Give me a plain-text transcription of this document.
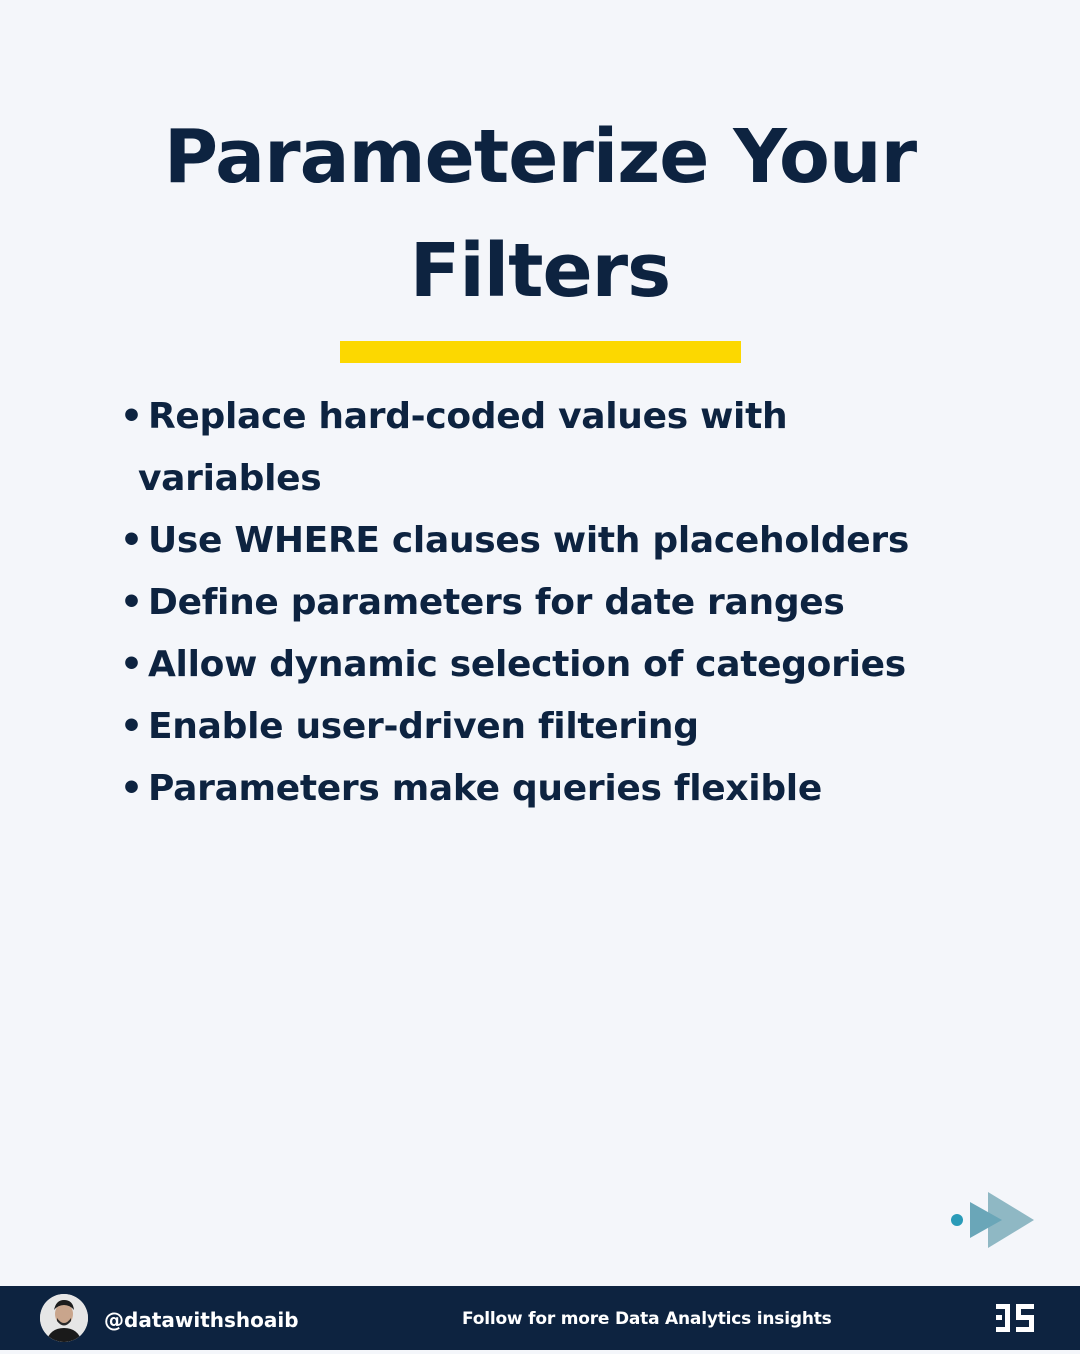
Parameterize Your
Filters
• Replace hard-coded values with
variables
• Use WHERE clauses with placeholders
• Define parameters for date ranges
• Allow dynamic selection of categories
• Enable user-driven filtering
• Parameters make queries flexible
@datawithshoaib	Follow for more Data Analytics insights
